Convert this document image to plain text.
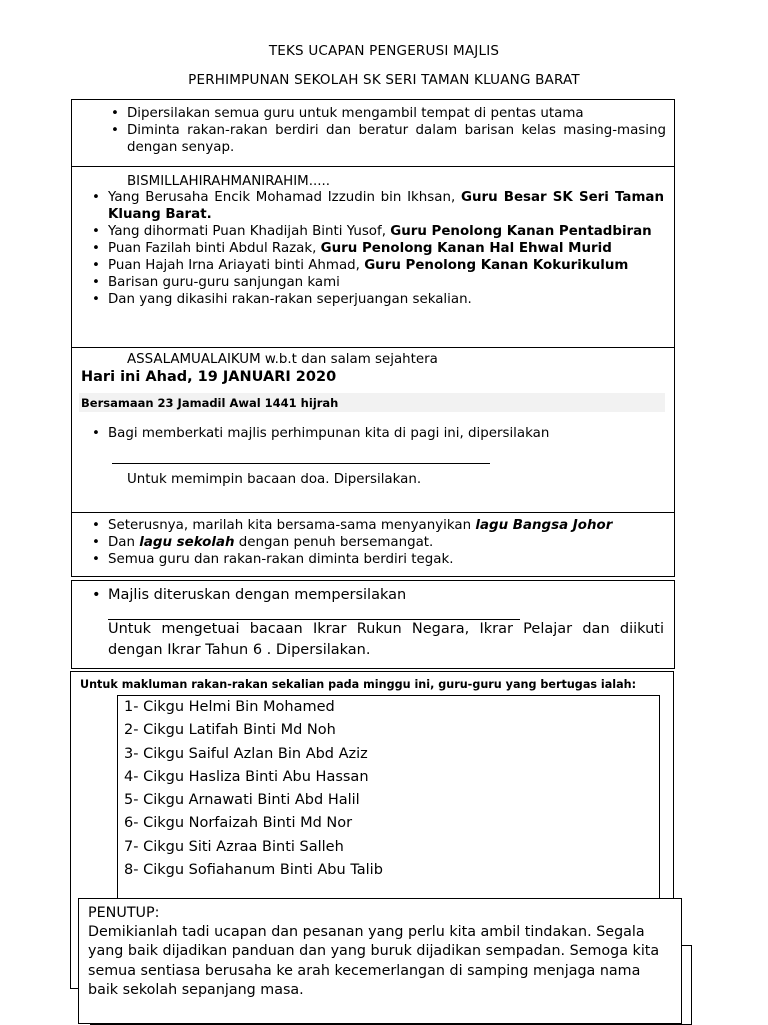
TEKS UCAPAN PENGERUSI MAJLIS
PERHIMPUNAN SEKOLAH SK SERI TAMAN KLUANG BARAT
• Dipersilakan semua guru untuk mengambil tempat di pentas utama
• Diminta rakan-rakan berdiri dan beratur dalam barisan kelas masing-masing dengan senyap.
BISMILLAHIRAHMANIRAHIM.....
• Yang Berusaha Encik Mohamad Izzudin bin Ikhsan, Guru Besar SK Seri Taman Kluang Barat.
• Yang dihormati Puan Khadijah Binti Yusof, Guru Penolong Kanan Pentadbiran
• Puan Fazilah binti Abdul Razak, Guru Penolong Kanan Hal Ehwal Murid
• Puan Hajah Irna Ariayati binti Ahmad, Guru Penolong Kanan Kokurikulum
• Barisan guru-guru sanjungan kami
• Dan yang dikasihi rakan-rakan seperjuangan sekalian.
ASSALAMUALAIKUM w.b.t dan salam sejahtera
Hari ini Ahad, 19 JANUARI 2020
Bersamaan 23 Jamadil Awal 1441 hijrah
• Bagi memberkati majlis perhimpunan kita di pagi ini, dipersilakan
Untuk memimpin bacaan doa. Dipersilakan.
• Seterusnya, marilah kita bersama-sama menyanyikan lagu Bangsa Johor
• Dan lagu sekolah dengan penuh bersemangat.
• Semua guru dan rakan-rakan diminta berdiri tegak.
• Majlis diteruskan dengan mempersilakan
Untuk mengetuai bacaan Ikrar Rukun Negara, Ikrar Pelajar dan diikuti dengan Ikrar Tahun 6 . Dipersilakan.
Untuk makluman rakan-rakan sekalian pada minggu ini, guru-guru yang bertugas ialah:
1- Cikgu Helmi Bin Mohamed
2- Cikgu Latifah Binti Md Noh
3- Cikgu Saiful Azlan Bin Abd Aziz
4- Cikgu Hasliza Binti Abu Hassan
5- Cikgu Arnawati Binti Abd Halil
6- Cikgu Norfaizah Binti Md Nor
7- Cikgu Siti Azraa Binti Salleh
8- Cikgu Sofiahanum Binti Abu Talib
PENUTUP:
Demikianlah tadi ucapan dan pesanan yang perlu kita ambil tindakan. Segala yang baik dijadikan panduan dan yang buruk dijadikan sempadan. Semoga kita semua sentiasa berusaha ke arah kecemerlangan di samping menjaga nama baik sekolah sepanjang masa.
